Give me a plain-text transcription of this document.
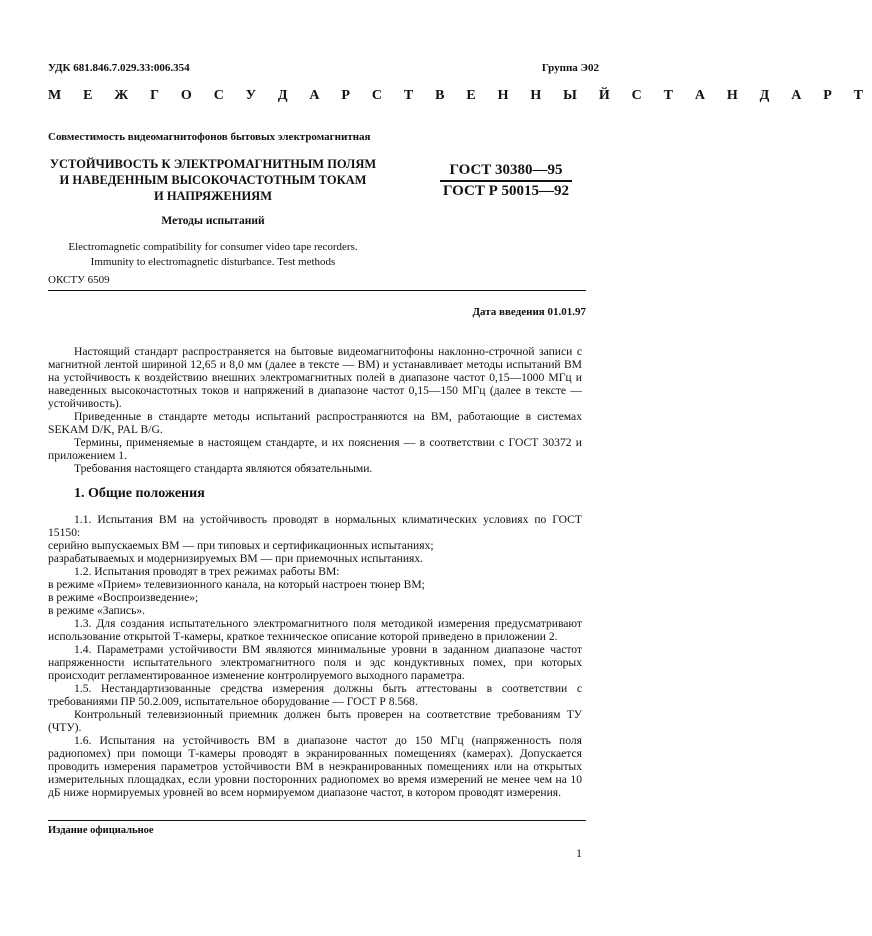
УДК 681.846.7.029.33:006.354	Группа Э02
М Е Ж Г О С У Д А Р С Т В Е Н Н Ы Й С Т А Н Д А Р Т
Совместимость видеомагнитофонов бытовых электромагнитная
УСТОЙЧИВОСТЬ К ЭЛЕКТРОМАГНИТНЫМ ПОЛЯМ
И НАВЕДЕННЫМ ВЫСОКОЧАСТОТНЫМ ТОКАМ
И НАПРЯЖЕНИЯМ
ГОСТ 30380—95
ГОСТ Р 50015—92
Методы испытаний
Electromagnetic compatibility for consumer video tape recorders.
Immunity to electromagnetic disturbance. Test methods
ОКСТУ 6509
Дата введения 01.01.97

Настоящий стандарт распространяется на бытовые видеомагнитофоны наклонно-строчной записи с магнитной лентой шириной 12,65 и 8,0 мм (далее в тексте — ВМ) и устанавливает методы испытаний ВМ на устойчивость к воздействию внешних электромагнитных полей в диапазоне частот 0,15—1000 МГц и наведенных высокочастотных токов и напряжений в диапазоне частот 0,15—150 МГц (далее в тексте — устойчивость).

Приведенные в стандарте методы испытаний распространяются на ВМ, работающие в системах SEKAM D/K, PAL B/G.

Термины, применяемые в настоящем стандарте, и их пояснения — в соответствии с ГОСТ 30372 и приложением 1.

Требования настоящего стандарта являются обязательными.

1. Общие положения

1.1. Испытания ВМ на устойчивость проводят в нормальных климатических условиях по ГОСТ 15150:

серийно выпускаемых ВМ — при типовых и сертификационных испытаниях;

разрабатываемых и модернизируемых ВМ — при приемочных испытаниях.

1.2. Испытания проводят в трех режимах работы ВМ:

в режиме «Прием» телевизионного канала, на который настроен тюнер ВМ;

в режиме «Воспроизведение»;

в режиме «Запись».

1.3. Для создания испытательного электромагнитного поля методикой измерения предусматривают использование открытой Т-камеры, краткое техническое описание которой приведено в приложении 2.

1.4. Параметрами устойчивости ВМ являются минимальные уровни в заданном диапазоне частот напряженности испытательного электромагнитного поля и эдс кондуктивных помех, при которых происходит регламентированное изменение контролируемого выходного параметра.

1.5. Нестандартизованные средства измерения должны быть аттестованы в соответствии с требованиями ПР 50.2.009, испытательное оборудование — ГОСТ Р 8.568.

Контрольный телевизионный приемник должен быть проверен на соответствие требованиям ТУ (ЧТУ).

1.6. Испытания на устойчивость ВМ в диапазоне частот до 150 МГц (напряженность поля радиопомех) при помощи Т-камеры проводят в экранированных помещениях (камерах). Допускается проводить измерения параметров устойчивости ВМ в неэкранированных помещениях или на открытых измерительных площадках, если уровни посторонних радиопомех во время измерений не менее чем на 10 дБ ниже нормируемых уровней во всем нормируемом диапазоне частот, в котором проводят измерения.

Издание официальное
1
